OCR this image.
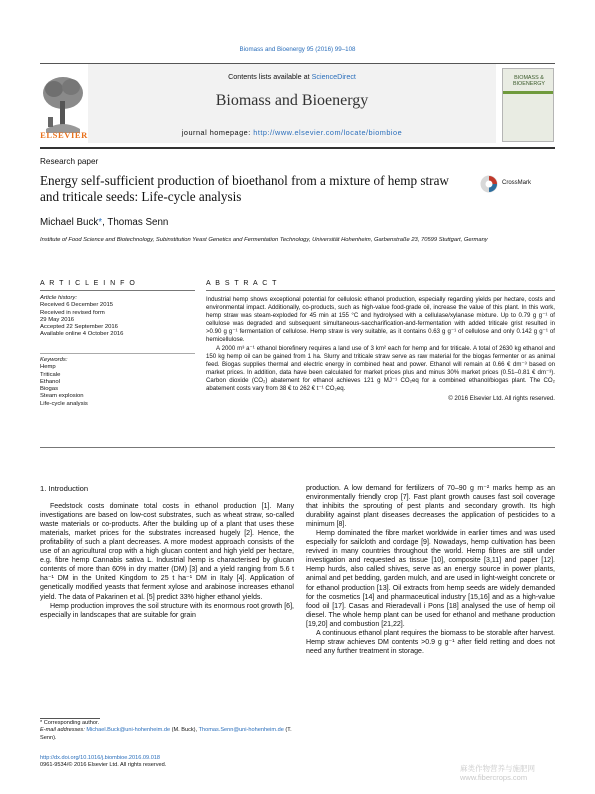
Biomass and Bioenergy 95 (2016) 99–108
Contents lists available at ScienceDirect
Biomass and Bioenergy
journal homepage: http://www.elsevier.com/locate/biombioe
ELSEVIER
BIOMASS & BIOENERGY
Research paper
Energy self-sufficient production of bioethanol from a mixture of hemp straw and triticale seeds: Life-cycle analysis
CrossMark
Michael Buck*, Thomas Senn
Institute of Food Science and Biotechnology, Subinstitution Yeast Genetics and Fermentation Technology, Universität Hohenheim, Garbenstraße 23, 70599 Stuttgart, Germany
A R T I C L E I N F O
Article history:
Received 6 December 2015
Received in revised form
29 May 2016
Accepted 22 September 2016
Available online 4 October 2016
Keywords:
Hemp
Triticale
Ethanol
Biogas
Steam explosion
Life-cycle analysis
A B S T R A C T

Industrial hemp shows exceptional potential for cellulosic ethanol production, especially regarding yields per hectare, costs and environmental impact. Additionally, co-products, such as high-value food-grade oil, increase the value of this plant. In this work, hemp straw was steam-exploded for 45 min at 155 °C and hydrolysed with a cellulase/xylanase mixture. Up to 0.79 g g⁻¹ of cellulose was degraded and subsequent simultaneous-saccharification-and-fermentation with added triticale grist resulted in >0.90 g g⁻¹ fermentation of cellulose. Hemp straw is very suitable, as it contains 0.63 g g⁻¹ of cellulose and only 0.142 g g⁻¹ of hemicellulose.

A 2000 m³ a⁻¹ ethanol biorefinery requires a land use of 3 km² each for hemp and for triticale. A total of 2630 kg ethanol and 150 kg hemp oil can be gained from 1 ha. Slurry and triticale straw serve as raw material for the biogas fermenter or as animal feed. Biogas supplies thermal and electric energy in combined heat and power. Ethanol will remain at 0.66 € dm⁻³ based on market prices. In addition, data have been calculated for market prices plus and minus 30% market prices (0.51–0.81 € dm⁻³). Carbon dioxide (CO₂) abatement for ethanol achieves 121 g MJ⁻¹ CO₂eq for a combined ethanol/biogas plant. The CO₂ abatement costs vary from 38 € to 262 € t⁻¹ CO₂eq.

© 2016 Elsevier Ltd. All rights reserved.
1. Introduction

Feedstock costs dominate total costs in ethanol production [1]. Many investigations are based on low-cost substrates, such as wheat straw, so-called waste materials or co-products. After the building up of a plant that uses these materials, market prices for the substrates increased hugely [2]. Hence, the profitability of such a plant decreases. A more modest approach consists of the use of an agricultural crop with a high glucan content and high yield per hectare, e.g. fibre hemp Cannabis sativa L. Industrial hemp is characterised by glucan contents of more than 60% in dry matter (DM) [3] and a yield ranging from 5.6 t ha⁻¹ DM in the United Kingdom to 25 t ha⁻¹ DM in Italy [4]. Application of genetically modified yeasts that ferment xylose and arabinose increases ethanol yield. The data of Pakarinen et al. [5] predict 33% higher ethanol yields.

Hemp production improves the soil structure with its enormous root growth [6], especially in landscapes that are suitable for grain

production. A low demand for fertilizers of 70–90 g m⁻² marks hemp as an environmentally friendly crop [7]. Fast plant growth causes fast soil coverage that inhibits the sprouting of pest plants and secondary growth. Its high durability against plant diseases decreases the application of pesticides to a minimum [8].

Hemp dominated the fibre market worldwide in earlier times and was used especially for sailcloth and cordage [9]. Nowadays, hemp cultivation has been revived in many countries throughout the world. Hemp fibres are still under investigation and requested as tissue [10], composite [3,11] and paper [12]. Hemp hurds, also called shives, serve as an energy source in power plants, animal and pet bedding, garden mulch, and are used in light-weight concrete or for ethanol production [13]. Oil extracts from hemp seeds are widely demanded for the cosmetics [14] and pharmaceutical industry [15,16] and as a high-value food oil [17]. Casas and Rieradevall i Pons [18] analysed the use of hemp oil diesel. The whole hemp plant can be used for ethanol and methane production [19,20] and combustion [21,22].

A continuous ethanol plant requires the biomass to be storable after harvest. Hemp straw achieves DM contents >0.9 g g⁻¹ after field retting and does not need any further treatment in storage.

* Corresponding author.
E-mail addresses: Michael.Buck@uni-hohenheim.de (M. Buck), Thomas.Senn@uni-hohenheim.de (T. Senn).
http://dx.doi.org/10.1016/j.biombioe.2016.09.018
0961-9534/© 2016 Elsevier Ltd. All rights reserved.	麻类作物营养与施肥网
www.fibercrops.com
